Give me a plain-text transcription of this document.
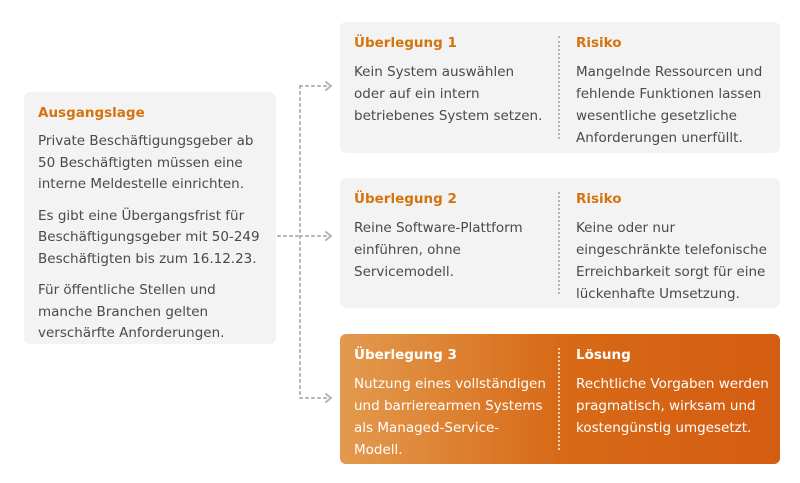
Ausgangslage

Private Beschäftigungsgeber ab 50 Beschäftigten müssen eine interne Meldestelle einrichten.

Es gibt eine Übergangsfrist für Beschäftigungsgeber mit 50-249 Beschäftigten bis zum 16.12.23.

Für öffentliche Stellen und manche Branchen gelten verschärfte Anforderungen.

Überlegung 1

Kein System auswählen oder auf ein intern betriebenes System setzen.

Risiko

Mangelnde Ressourcen und fehlende Funktionen lassen wesentliche gesetzliche Anforderungen unerfüllt.

Überlegung 2

Reine Software-Plattform einführen, ohne Servicemodell.

Risiko

Keine oder nur eingeschränkte telefonische Erreichbarkeit sorgt für eine lückenhafte Umsetzung.

Überlegung 3

Nutzung eines vollständigen und barrierearmen Systems als Managed-Service-Modell.

Lösung

Rechtliche Vorgaben werden pragmatisch, wirksam und kostengünstig umgesetzt.
